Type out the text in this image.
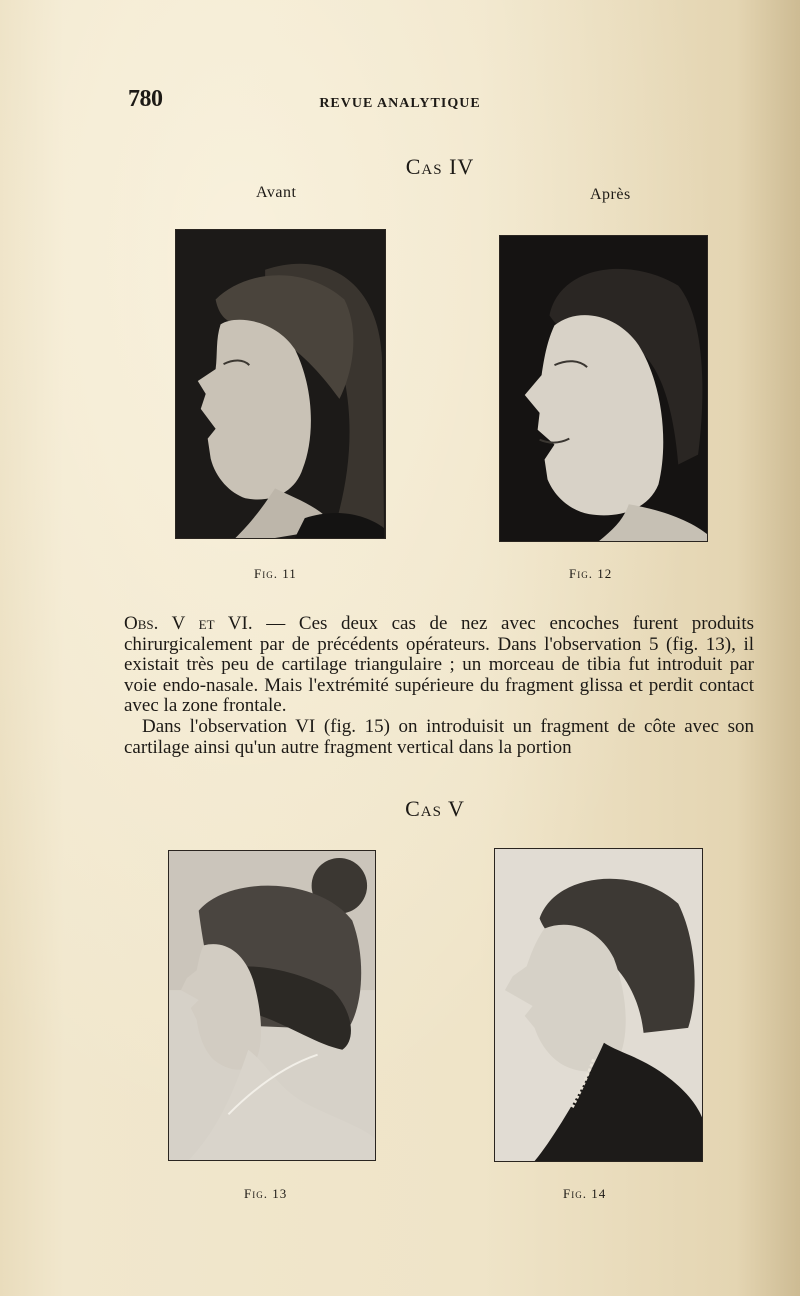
780	REVUE ANALYTIQUE
Cas IV
Avant	Après
Fig. 11	Fig. 12

Obs. V et VI. — Ces deux cas de nez avec encoches furent produits chirurgicalement par de précédents opérateurs. Dans l'observation 5 (fig. 13), il existait très peu de cartilage triangulaire ; un morceau de tibia fut introduit par voie endo-nasale. Mais l'extrémité supérieure du fragment glissa et perdit contact avec la zone frontale.

Dans l'observation VI (fig. 15) on introduisit un fragment de côte avec son cartilage ainsi qu'un autre fragment vertical dans la portion

Cas V
Fig. 13	Fig. 14
